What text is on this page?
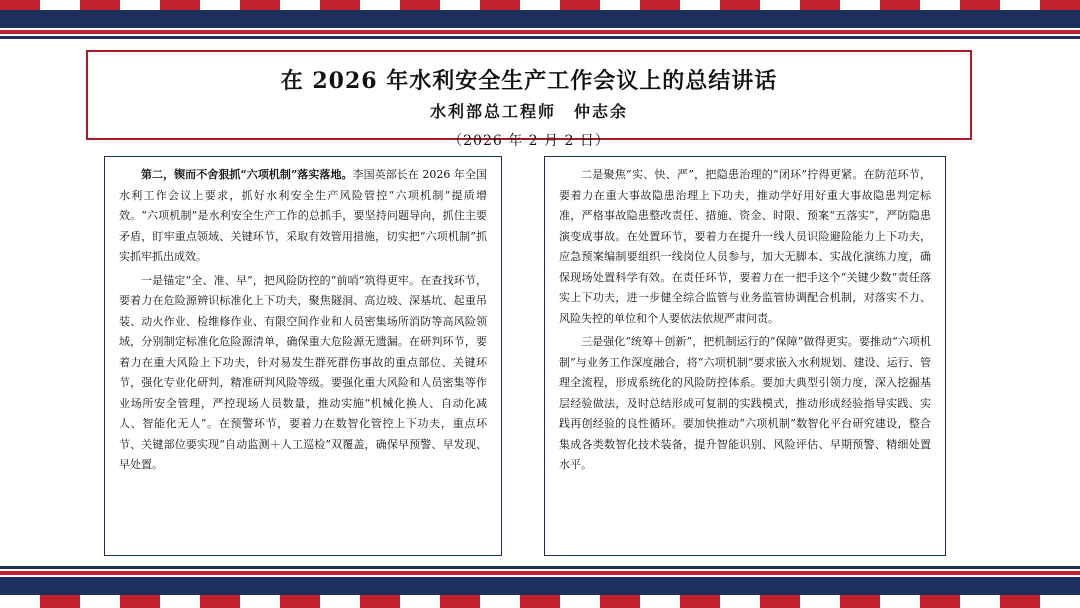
在 2026 年水利安全生产工作会议上的总结讲话
水利部总工程师　仲志余
（2026 年 2 月 2 日）

第二，锲而不舍狠抓“六项机制”落实落地。李国英部长在 2026 年全国水利工作会议上要求，抓好水利安全生产风险管控“六项机制”提质增效。“六项机制”是水利安全生产工作的总抓手，要坚持问题导向，抓住主要矛盾，盯牢重点领域、关键环节，采取有效管用措施，切实把“六项机制”抓实抓牢抓出成效。

一是锚定“全、准、早”，把风险防控的“前哨”筑得更牢。在查找环节，要着力在危险源辨识标准化上下功夫，聚焦隧洞、高边坡、深基坑、起重吊装、动火作业、检维修作业、有限空间作业和人员密集场所消防等高风险领域，分别制定标准化危险源清单，确保重大危险源无遗漏。在研判环节，要着力在重大风险上下功夫，针对易发生群死群伤事故的重点部位、关键环节，强化专业化研判，精准研判风险等级。要强化重大风险和人员密集等作业场所安全管理，严控现场人员数量，推动实施“机械化换人、自动化减人、智能化无人”。在预警环节，要着力在数智化管控上下功夫，重点环节、关键部位要实现“自动监测＋人工巡检”双覆盖，确保早预警、早发现、早处置。

二是聚焦“实、快、严”，把隐患治理的“闭环”拧得更紧。在防范环节，要着力在重大事故隐患治理上下功夫，推动学好用好重大事故隐患判定标准，严格事故隐患整改责任、措施、资金、时限、预案“五落实”，严防隐患演变成事故。在处置环节，要着力在提升一线人员识险避险能力上下功夫，应急预案编制要组织一线岗位人员参与，加大无脚本、实战化演练力度，确保现场处置科学有效。在责任环节，要着力在一把手这个“关键少数”责任落实上下功夫，进一步健全综合监管与业务监管协调配合机制，对落实不力、风险失控的单位和个人要依法依规严肃问责。

三是强化“统筹＋创新”，把机制运行的“保障”做得更实。要推动“六项机制”与业务工作深度融合，将“六项机制”要求嵌入水利规划、建设、运行、管理全流程，形成系统化的风险防控体系。要加大典型引领力度，深入挖掘基层经验做法，及时总结形成可复制的实践模式，推动形成经验指导实践、实践再创经验的良性循环。要加快推动“六项机制”数智化平台研究建设，整合集成各类数智化技术装备，提升智能识别、风险评估、早期预警、精细处置水平。
